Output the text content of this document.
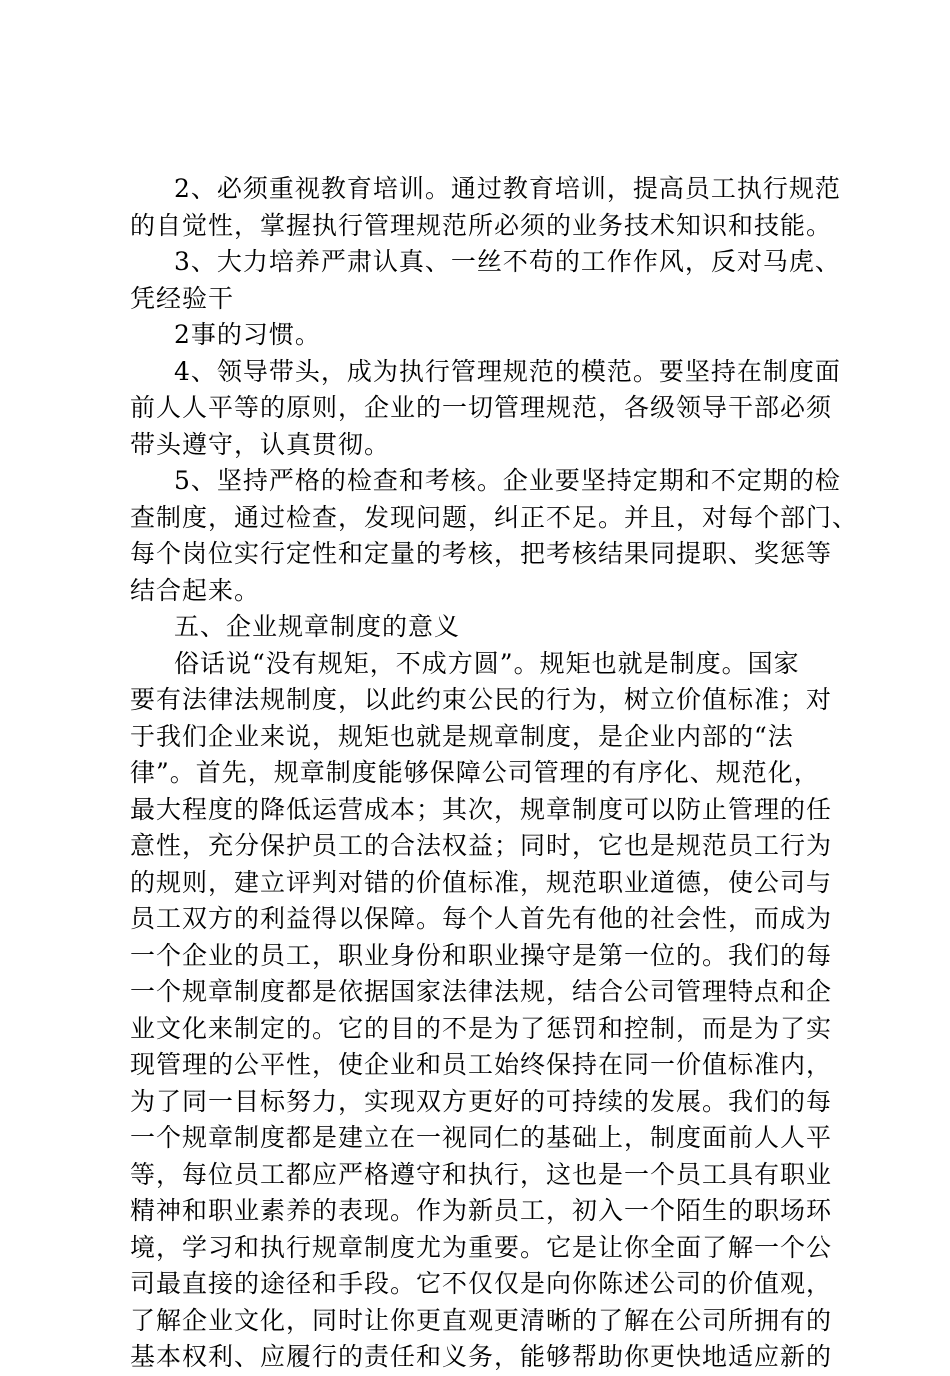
2、必须重视教育培训。通过教育培训，提高员工执行规范
的自觉性，掌握执行管理规范所必须的业务技术知识和技能。
3、大力培养严肃认真、一丝不苟的工作作风，反对马虎、
凭经验干
2事的习惯。
4、领导带头，成为执行管理规范的模范。要坚持在制度面
前人人平等的原则，企业的一切管理规范，各级领导干部必须
带头遵守，认真贯彻。
5、坚持严格的检查和考核。企业要坚持定期和不定期的检
查制度，通过检查，发现问题，纠正不足。并且，对每个部门、
每个岗位实行定性和定量的考核，把考核结果同提职、奖惩等
结合起来。
五、企业规章制度的意义
俗话说“没有规矩，不成方圆”。规矩也就是制度。国家
要有法律法规制度，以此约束公民的行为，树立价值标准；对
于我们企业来说，规矩也就是规章制度，是企业内部的“法
律”。首先，规章制度能够保障公司管理的有序化、规范化，
最大程度的降低运营成本；其次，规章制度可以防止管理的任
意性，充分保护员工的合法权益；同时，它也是规范员工行为
的规则，建立评判对错的价值标准，规范职业道德，使公司与
员工双方的利益得以保障。每个人首先有他的社会性，而成为
一个企业的员工，职业身份和职业操守是第一位的。我们的每
一个规章制度都是依据国家法律法规，结合公司管理特点和企
业文化来制定的。它的目的不是为了惩罚和控制，而是为了实
现管理的公平性，使企业和员工始终保持在同一价值标准内，
为了同一目标努力，实现双方更好的可持续的发展。我们的每
一个规章制度都是建立在一视同仁的基础上，制度面前人人平
等，每位员工都应严格遵守和执行，这也是一个员工具有职业
精神和职业素养的表现。作为新员工，初入一个陌生的职场环
境，学习和执行规章制度尤为重要。它是让你全面了解一个公
司最直接的途径和手段。它不仅仅是向你陈述公司的价值观，
了解企业文化，同时让你更直观更清晰的了解在公司所拥有的
基本权利、应履行的责任和义务，能够帮助你更快地适应新的
